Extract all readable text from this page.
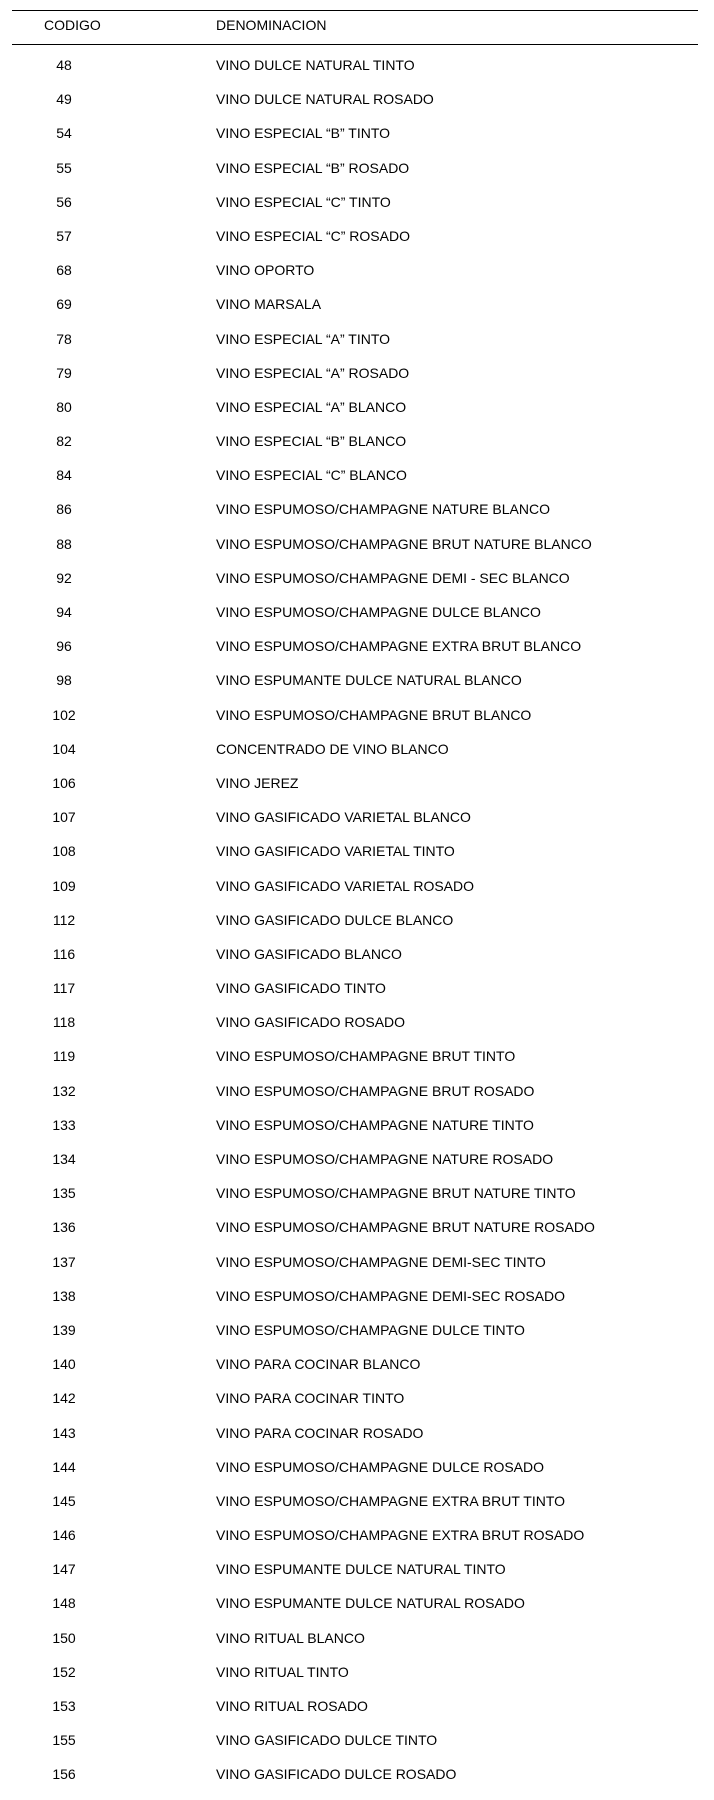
CODIGO	DENOMINACION
48	VINO DULCE NATURAL TINTO
49	VINO DULCE NATURAL ROSADO
54	VINO ESPECIAL “B” TINTO
55	VINO ESPECIAL “B” ROSADO
56	VINO ESPECIAL “C” TINTO
57	VINO ESPECIAL “C” ROSADO
68	VINO OPORTO
69	VINO MARSALA
78	VINO ESPECIAL “A” TINTO
79	VINO ESPECIAL “A” ROSADO
80	VINO ESPECIAL “A” BLANCO
82	VINO ESPECIAL “B” BLANCO
84	VINO ESPECIAL “C” BLANCO
86	VINO ESPUMOSO/CHAMPAGNE NATURE BLANCO
88	VINO ESPUMOSO/CHAMPAGNE BRUT NATURE BLANCO
92	VINO ESPUMOSO/CHAMPAGNE DEMI - SEC BLANCO
94	VINO ESPUMOSO/CHAMPAGNE DULCE BLANCO
96	VINO ESPUMOSO/CHAMPAGNE EXTRA BRUT BLANCO
98	VINO ESPUMANTE DULCE NATURAL BLANCO
102	VINO ESPUMOSO/CHAMPAGNE BRUT BLANCO
104	CONCENTRADO DE VINO BLANCO
106	VINO JEREZ
107	VINO GASIFICADO VARIETAL BLANCO
108	VINO GASIFICADO VARIETAL TINTO
109	VINO GASIFICADO VARIETAL ROSADO
112	VINO GASIFICADO DULCE BLANCO
116	VINO GASIFICADO BLANCO
117	VINO GASIFICADO TINTO
118	VINO GASIFICADO ROSADO
119	VINO ESPUMOSO/CHAMPAGNE BRUT TINTO
132	VINO ESPUMOSO/CHAMPAGNE BRUT ROSADO
133	VINO ESPUMOSO/CHAMPAGNE NATURE TINTO
134	VINO ESPUMOSO/CHAMPAGNE NATURE ROSADO
135	VINO ESPUMOSO/CHAMPAGNE BRUT NATURE TINTO
136	VINO ESPUMOSO/CHAMPAGNE BRUT NATURE ROSADO
137	VINO ESPUMOSO/CHAMPAGNE DEMI-SEC TINTO
138	VINO ESPUMOSO/CHAMPAGNE DEMI-SEC ROSADO
139	VINO ESPUMOSO/CHAMPAGNE DULCE TINTO
140	VINO PARA COCINAR BLANCO
142	VINO PARA COCINAR TINTO
143	VINO PARA COCINAR ROSADO
144	VINO ESPUMOSO/CHAMPAGNE DULCE ROSADO
145	VINO ESPUMOSO/CHAMPAGNE EXTRA BRUT TINTO
146	VINO ESPUMOSO/CHAMPAGNE EXTRA BRUT ROSADO
147	VINO ESPUMANTE DULCE NATURAL TINTO
148	VINO ESPUMANTE DULCE NATURAL ROSADO
150	VINO RITUAL BLANCO
152	VINO RITUAL TINTO
153	VINO RITUAL ROSADO
155	VINO GASIFICADO DULCE TINTO
156	VINO GASIFICADO DULCE ROSADO
